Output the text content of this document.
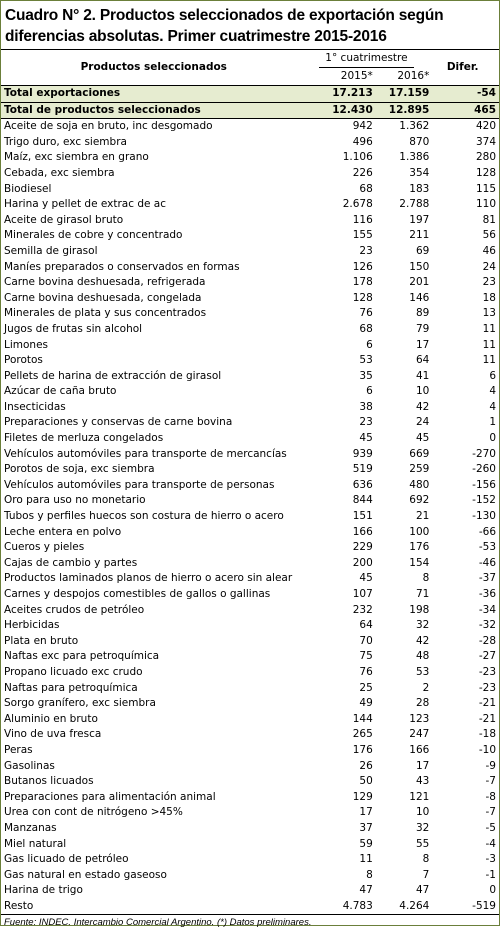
Cuadro N° 2. Productos seleccionados de exportación según diferencias absolutas. Primer cuatrimestre 2015-2016
Productos seleccionados	1° cuatrimestre		Difer.
	2015*	2016*	
Total exportaciones	17.213	17.159	-54
Total de productos seleccionados	12.430	12.895	465
Aceite de soja en bruto, inc desgomado	942	1.362	420
Trigo duro, exc siembra	496	870	374
Maíz, exc siembra en grano	1.106	1.386	280
Cebada, exc siembra	226	354	128
Biodiesel	68	183	115
Harina y pellet de extrac de ac	2.678	2.788	110
Aceite de girasol bruto	116	197	81
Minerales de cobre y concentrado	155	211	56
Semilla de girasol	23	69	46
Maníes preparados o conservados en formas	126	150	24
Carne bovina deshuesada, refrigerada	178	201	23
Carne bovina deshuesada, congelada	128	146	18
Minerales de plata y sus concentrados	76	89	13
Jugos de frutas sin alcohol	68	79	11
Limones	6	17	11
Porotos	53	64	11
Pellets de harina de extracción de girasol	35	41	6
Azúcar de caña bruto	6	10	4
Insecticidas	38	42	4
Preparaciones y conservas de carne bovina	23	24	1
Filetes de merluza congelados	45	45	0
Vehículos automóviles para transporte de mercancías	939	669	-270
Porotos de soja, exc siembra	519	259	-260
Vehículos automóviles para transporte de personas	636	480	-156
Oro para uso no monetario	844	692	-152
Tubos y perfiles huecos son costura de hierro o acero	151	21	-130
Leche entera en polvo	166	100	-66
Cueros y pieles	229	176	-53
Cajas de cambio y partes	200	154	-46
Productos laminados planos de hierro o acero sin alear	45	8	-37
Carnes y despojos comestibles de gallos o gallinas	107	71	-36
Aceites crudos de petróleo	232	198	-34
Herbicidas	64	32	-32
Plata en bruto	70	42	-28
Naftas exc para petroquímica	75	48	-27
Propano licuado exc crudo	76	53	-23
Naftas para petroquímica	25	2	-23
Sorgo granífero, exc siembra	49	28	-21
Aluminio en bruto	144	123	-21
Vino de uva fresca	265	247	-18
Peras	176	166	-10
Gasolinas	26	17	-9
Butanos licuados	50	43	-7
Preparaciones para alimentación animal	129	121	-8
Urea con cont de nitrógeno >45%	17	10	-7
Manzanas	37	32	-5
Miel natural	59	55	-4
Gas licuado de petróleo	11	8	-3
Gas natural en estado gaseoso	8	7	-1
Harina de trigo	47	47	0
Resto	4.783	4.264	-519
Fuente: INDEC. Intercambio Comercial Argentino. (*) Datos preliminares.
